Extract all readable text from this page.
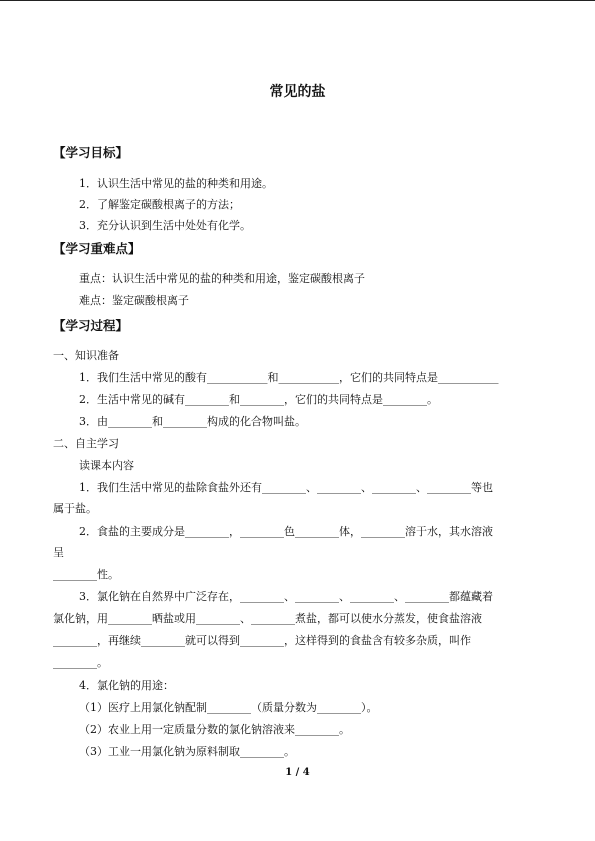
常见的盐
【学习目标】
1．认识生活中常见的盐的种类和用途。
2．了解鉴定碳酸根离子的方法；
3．充分认识到生活中处处有化学。
【学习重难点】
重点：认识生活中常见的盐的种类和用途，鉴定碳酸根离子
难点：鉴定碳酸根离子
【学习过程】
一、知识准备
1．我们生活中常见的酸有___________和___________，它们的共同特点是___________
2．生活中常见的碱有________和________，它们的共同特点是________。
3．由________和________构成的化合物叫盐。
二、自主学习
读课本内容
1．我们生活中常见的盐除食盐外还有________、________、________、________等也
属于盐。
2．食盐的主要成分是________，________色________体，________溶于水，其水溶液
呈
________性。
3．氯化钠在自然界中广泛存在，________、________、________、________都蕴藏着
氯化钠，用________晒盐或用________、________煮盐，都可以使水分蒸发，使食盐溶液
________，再继续________就可以得到________，这样得到的食盐含有较多杂质，叫作
________。
4．氯化钠的用途：
（1）医疗上用氯化钠配制________（质量分数为________）。
（2）农业上用一定质量分数的氯化钠溶液来________。
（3）工业一用氯化钠为原料制取________。
1 / 4
